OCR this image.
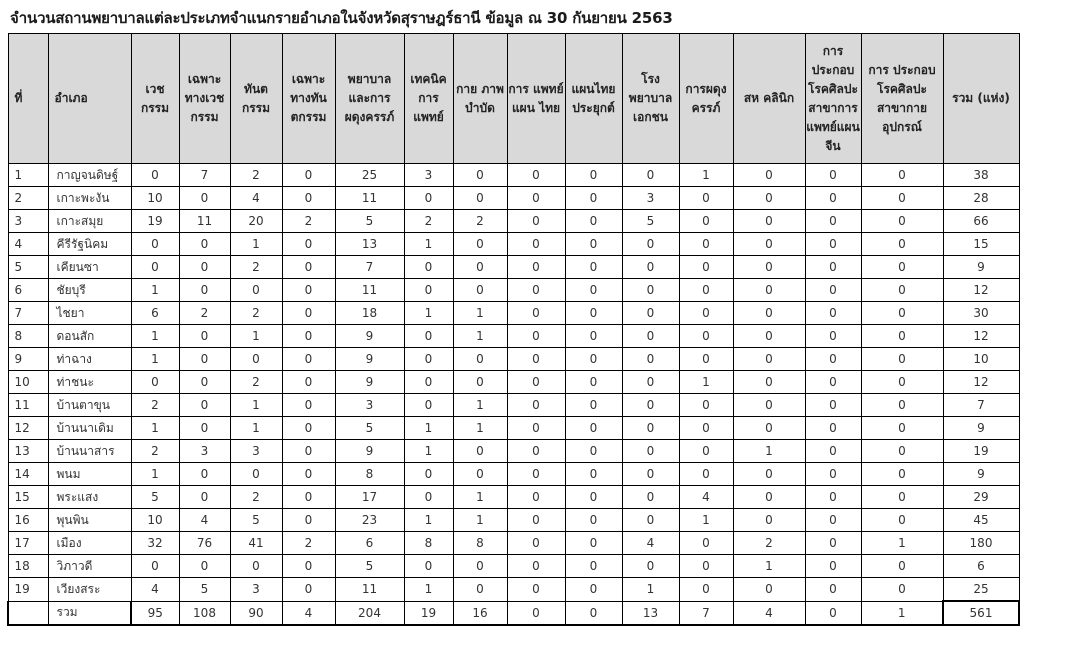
จำนวนสถานพยาบาลแต่ละประเภทจำแนกรายอำเภอในจังหวัดสุราษฎร์ธานี ข้อมูล ณ 30 กันยายน 2563
ที่	อำเภอ	เวช กรรม	เฉพาะ ทางเวช กรรม	ทันต กรรม	เฉพาะ ทางทัน ตกรรม	พยาบาล และการ ผดุงครรภ์	เทคนิค การ แพทย์	กาย ภาพ บำบัด	การ แพทย์ แผน ไทย	แผนไทย ประยุกต์	โรง พยาบาล เอกชน	การผดุง ครรภ์	สห คลินิก	การประกอบ โรคศิลปะ สาขาการ แพทย์แผน จีน	การ ประกอบ โรคศิลปะ สาขากาย อุปกรณ์	รวม (แห่ง)
1	กาญจนดิษฐ์	0	7	2	0	25	3	0	0	0	0	1	0	0	0	38
2	เกาะพะงัน	10	0	4	0	11	0	0	0	0	3	0	0	0	0	28
3	เกาะสมุย	19	11	20	2	5	2	2	0	0	5	0	0	0	0	66
4	คีรีรัฐนิคม	0	0	1	0	13	1	0	0	0	0	0	0	0	0	15
5	เคียนซา	0	0	2	0	7	0	0	0	0	0	0	0	0	0	9
6	ชัยบุรี	1	0	0	0	11	0	0	0	0	0	0	0	0	0	12
7	ไชยา	6	2	2	0	18	1	1	0	0	0	0	0	0	0	30
8	ดอนสัก	1	0	1	0	9	0	1	0	0	0	0	0	0	0	12
9	ท่าฉาง	1	0	0	0	9	0	0	0	0	0	0	0	0	0	10
10	ท่าชนะ	0	0	2	0	9	0	0	0	0	0	1	0	0	0	12
11	บ้านตาขุน	2	0	1	0	3	0	1	0	0	0	0	0	0	0	7
12	บ้านนาเดิม	1	0	1	0	5	1	1	0	0	0	0	0	0	0	9
13	บ้านนาสาร	2	3	3	0	9	1	0	0	0	0	0	1	0	0	19
14	พนม	1	0	0	0	8	0	0	0	0	0	0	0	0	0	9
15	พระแสง	5	0	2	0	17	0	1	0	0	0	4	0	0	0	29
16	พุนพิน	10	4	5	0	23	1	1	0	0	0	1	0	0	0	45
17	เมือง	32	76	41	2	6	8	8	0	0	4	0	2	0	1	180
18	วิภาวดี	0	0	0	0	5	0	0	0	0	0	0	1	0	0	6
19	เวียงสระ	4	5	3	0	11	1	0	0	0	1	0	0	0	0	25
	รวม	95	108	90	4	204	19	16	0	0	13	7	4	0	1	561
